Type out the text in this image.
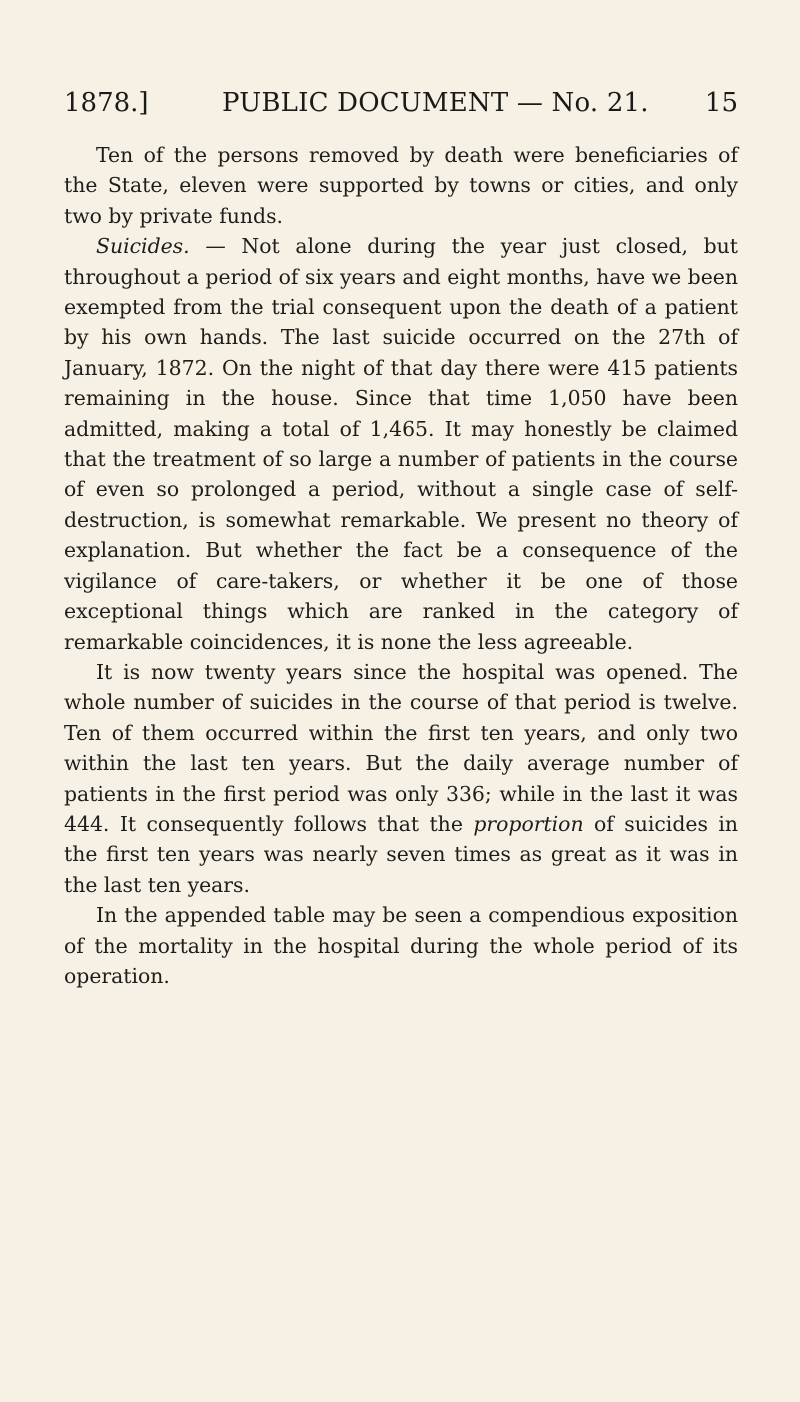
1878.]	PUBLIC DOCUMENT — No. 21. 15

Ten of the persons removed by death were beneficiaries of the State, eleven were supported by towns or cities, and only two by private funds.

Suicides. — Not alone during the year just closed, but throughout a period of six years and eight months, have we been exempted from the trial consequent upon the death of a patient by his own hands. The last suicide occurred on the 27th of January, 1872. On the night of that day there were 415 patients remaining in the house. Since that time 1,050 have been admitted, making a total of 1,465. It may honestly be claimed that the treatment of so large a number of patients in the course of even so prolonged a period, without a single case of self-destruction, is somewhat remarkable. We present no theory of explanation. But whether the fact be a consequence of the vigilance of care-takers, or whether it be one of those exceptional things which are ranked in the category of remarkable coincidences, it is none the less agreeable.

It is now twenty years since the hospital was opened. The whole number of suicides in the course of that period is twelve. Ten of them occurred within the first ten years, and only two within the last ten years. But the daily average number of patients in the first period was only 336; while in the last it was 444. It consequently follows that the proportion of suicides in the first ten years was nearly seven times as great as it was in the last ten years.

In the appended table may be seen a compendious exposition of the mortality in the hospital during the whole period of its operation.
